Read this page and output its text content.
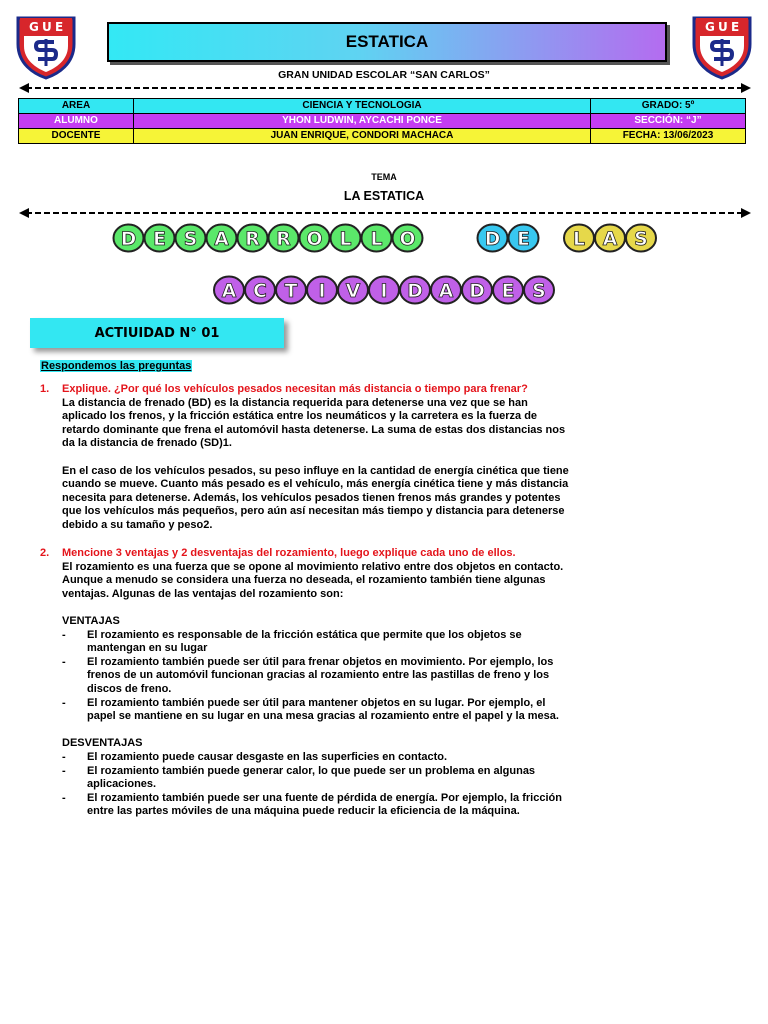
G U E	G U E
ESTATICA
GRAN UNIDAD ESCOLAR “SAN CARLOS”
AREA	CIENCIA Y TECNOLOGIA	GRADO: 5º
ALUMNO	YHON LUDWIN, AYCACHI PONCE	SECCIÓN: “J”
DOCENTE	JUAN ENRIQUE, CONDORI MACHACA	FECHA: 13/06/2023
TEMA
LA ESTATICA
D E S A R R O L L O	D E L A S
A C T I V I D A D E S
ACTIUIDAD N° 01
Respondemos las preguntas
1. Explique. ¿Por qué los vehículos pesados necesitan más distancia o tiempo para frenar?

La distancia de frenado (BD) es la distancia requerida para detenerse una vez que se han

aplicado los frenos, y la fricción estática entre los neumáticos y la carretera es la fuerza de

retardo dominante que frena el automóvil hasta detenerse. La suma de estas dos distancias nos

da la distancia de frenado (SD)1.

En el caso de los vehículos pesados, su peso influye en la cantidad de energía cinética que tiene

cuando se mueve. Cuanto más pesado es el vehículo, más energía cinética tiene y más distancia

necesita para detenerse. Además, los vehículos pesados tienen frenos más grandes y potentes

que los vehículos más pequeños, pero aún así necesitan más tiempo y distancia para detenerse

debido a su tamaño y peso2.

2. Mencione 3 ventajas y 2 desventajas del rozamiento, luego explique cada uno de ellos.

El rozamiento es una fuerza que se opone al movimiento relativo entre dos objetos en contacto.

Aunque a menudo se considera una fuerza no deseada, el rozamiento también tiene algunas

ventajas. Algunas de las ventajas del rozamiento son:

VENTAJAS

- El rozamiento es responsable de la fricción estática que permite que los objetos se
mantengan en su lugar
- El rozamiento también puede ser útil para frenar objetos en movimiento. Por ejemplo, los
frenos de un automóvil funcionan gracias al rozamiento entre las pastillas de freno y los
discos de freno.
- El rozamiento también puede ser útil para mantener objetos en su lugar. Por ejemplo, el
papel se mantiene en su lugar en una mesa gracias al rozamiento entre el papel y la mesa.

DESVENTAJAS

- El rozamiento puede causar desgaste en las superficies en contacto.
- El rozamiento también puede generar calor, lo que puede ser un problema en algunas
aplicaciones.
- El rozamiento también puede ser una fuente de pérdida de energía. Por ejemplo, la fricción
entre las partes móviles de una máquina puede reducir la eficiencia de la máquina.
